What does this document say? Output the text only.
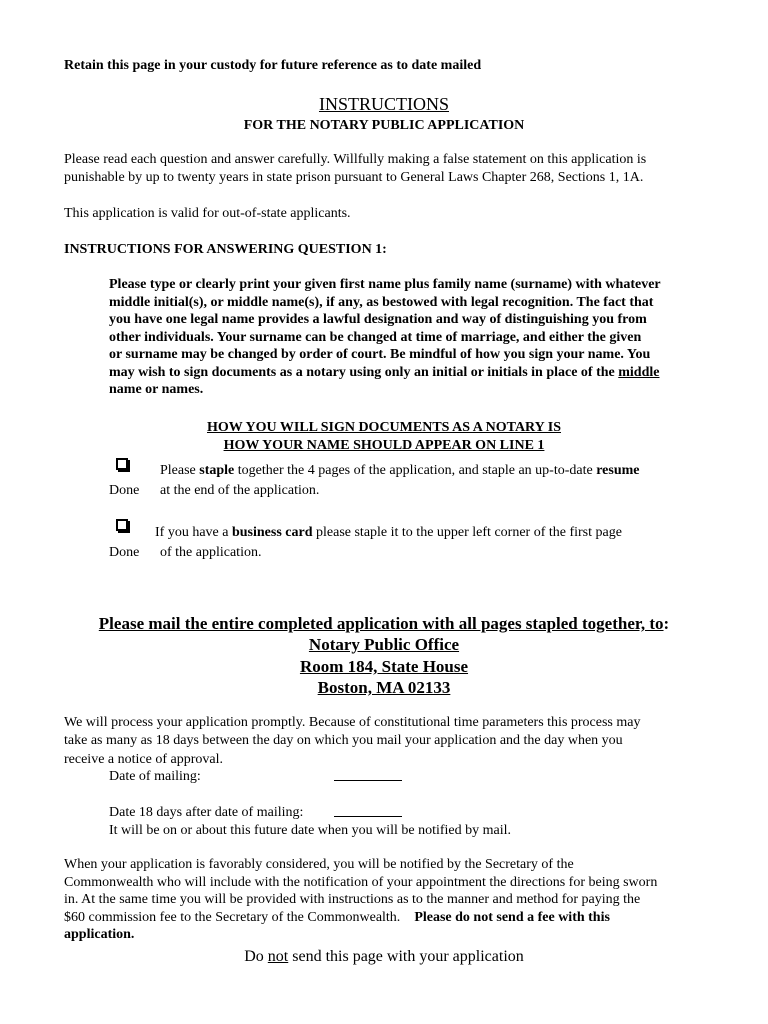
Retain this page in your custody for future reference as to date mailed
INSTRUCTIONS
FOR THE NOTARY PUBLIC APPLICATION

Please read each question and answer carefully. Willfully making a false statement on this application is

punishable by up to twenty years in state prison pursuant to General Laws Chapter 268, Sections 1, 1A.

This application is valid for out-of-state applicants.
INSTRUCTIONS FOR ANSWERING QUESTION 1:

Please type or clearly print your given first name plus family name (surname) with whatever

middle initial(s), or middle name(s), if any, as bestowed with legal recognition. The fact that

you have one legal name provides a lawful designation and way of distinguishing you from

other individuals. Your surname can be changed at time of marriage, and either the given

or surname may be changed by order of court. Be mindful of how you sign your name. You

may wish to sign documents as a notary using only an initial or initials in place of the middle

name or names.

HOW YOU WILL SIGN DOCUMENTS AS A NOTARY IS
HOW YOUR NAME SHOULD APPEAR ON LINE 1
Done
Please staple together the 4 pages of the application, and staple an up-to-date resume
at the end of the application.
Done
If you have a business card please staple it to the upper left corner of the first page
of the application.
Please mail the entire completed application with all pages stapled together, to:
Notary Public Office
Room 184, State House
Boston, MA 02133

We will process your application promptly. Because of constitutional time parameters this process may

take as many as 18 days between the day on which you mail your application and the day when you

receive a notice of approval.
Date of mailing:
Date 18 days after date of mailing:
It will be on or about this future date when you will be notified by mail.

When your application is favorably considered, you will be notified by the Secretary of the

Commonwealth who will include with the notification of your appointment the directions for being sworn

in. At the same time you will be provided with instructions as to the manner and method for paying the

$60 commission fee to the Secretary of the Commonwealth.    Please do not send a fee with this

application.

Do not send this page with your application
